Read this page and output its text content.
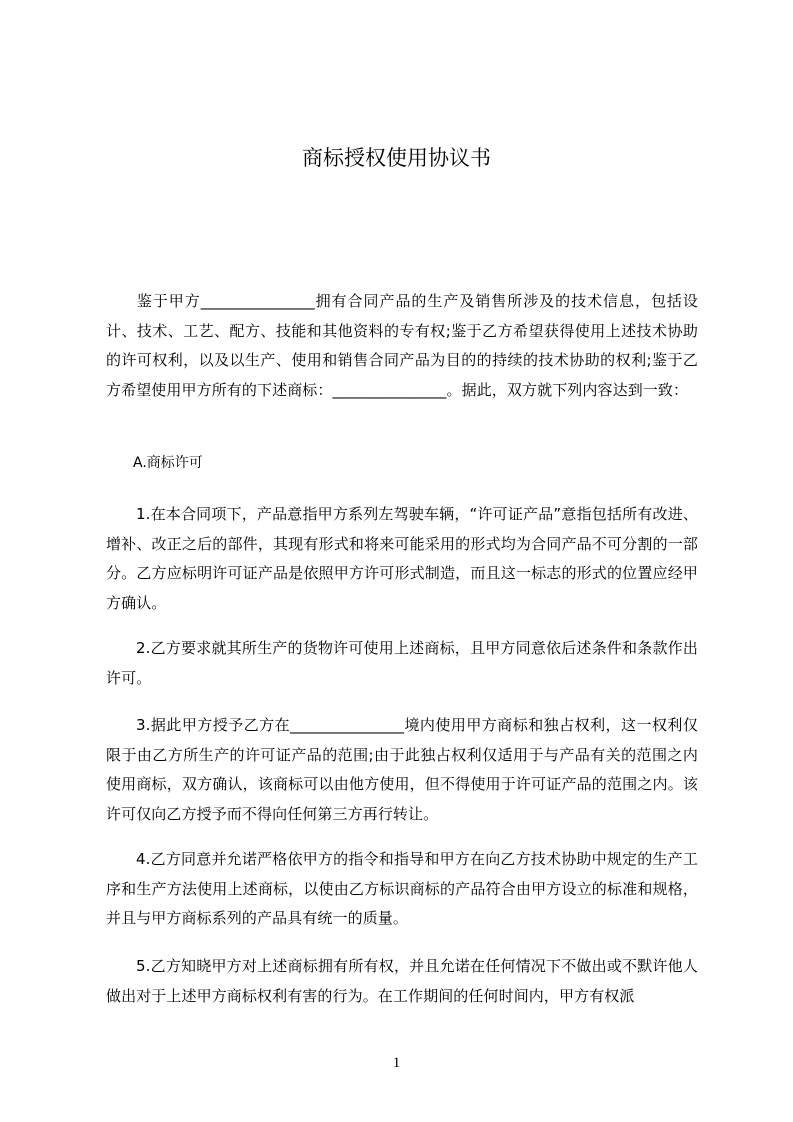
商标授权使用协议书
鉴于甲方_______________拥有合同产品的生产及销售所涉及的技术信息，包括设计、技术、工艺、配方、技能和其他资料的专有权;鉴于乙方希望获得使用上述技术协助的许可权利，以及以生产、使用和销售合同产品为目的的持续的技术协助的权利;鉴于乙方希望使用甲方所有的下述商标：_______________。据此，双方就下列内容达到一致：
A.商标许可
1.在本合同项下，产品意指甲方系列左驾驶车辆，“许可证产品”意指包括所有改进、增补、改正之后的部件，其现有形式和将来可能采用的形式均为合同产品不可分割的一部分。乙方应标明许可证产品是依照甲方许可形式制造，而且这一标志的形式的位置应经甲方确认。
2.乙方要求就其所生产的货物许可使用上述商标，且甲方同意依后述条件和条款作出许可。
3.据此甲方授予乙方在_______________境内使用甲方商标和独占权利，这一权利仅限于由乙方所生产的许可证产品的范围;由于此独占权利仅适用于与产品有关的范围之内使用商标，双方确认，该商标可以由他方使用，但不得使用于许可证产品的范围之内。该许可仅向乙方授予而不得向任何第三方再行转让。
4.乙方同意并允诺严格依甲方的指令和指导和甲方在向乙方技术协助中规定的生产工序和生产方法使用上述商标，以使由乙方标识商标的产品符合由甲方设立的标准和规格，并且与甲方商标系列的产品具有统一的质量。
5.乙方知晓甲方对上述商标拥有所有权，并且允诺在任何情况下不做出或不默许他人做出对于上述甲方商标权利有害的行为。在工作期间的任何时间内，甲方有权派
1
